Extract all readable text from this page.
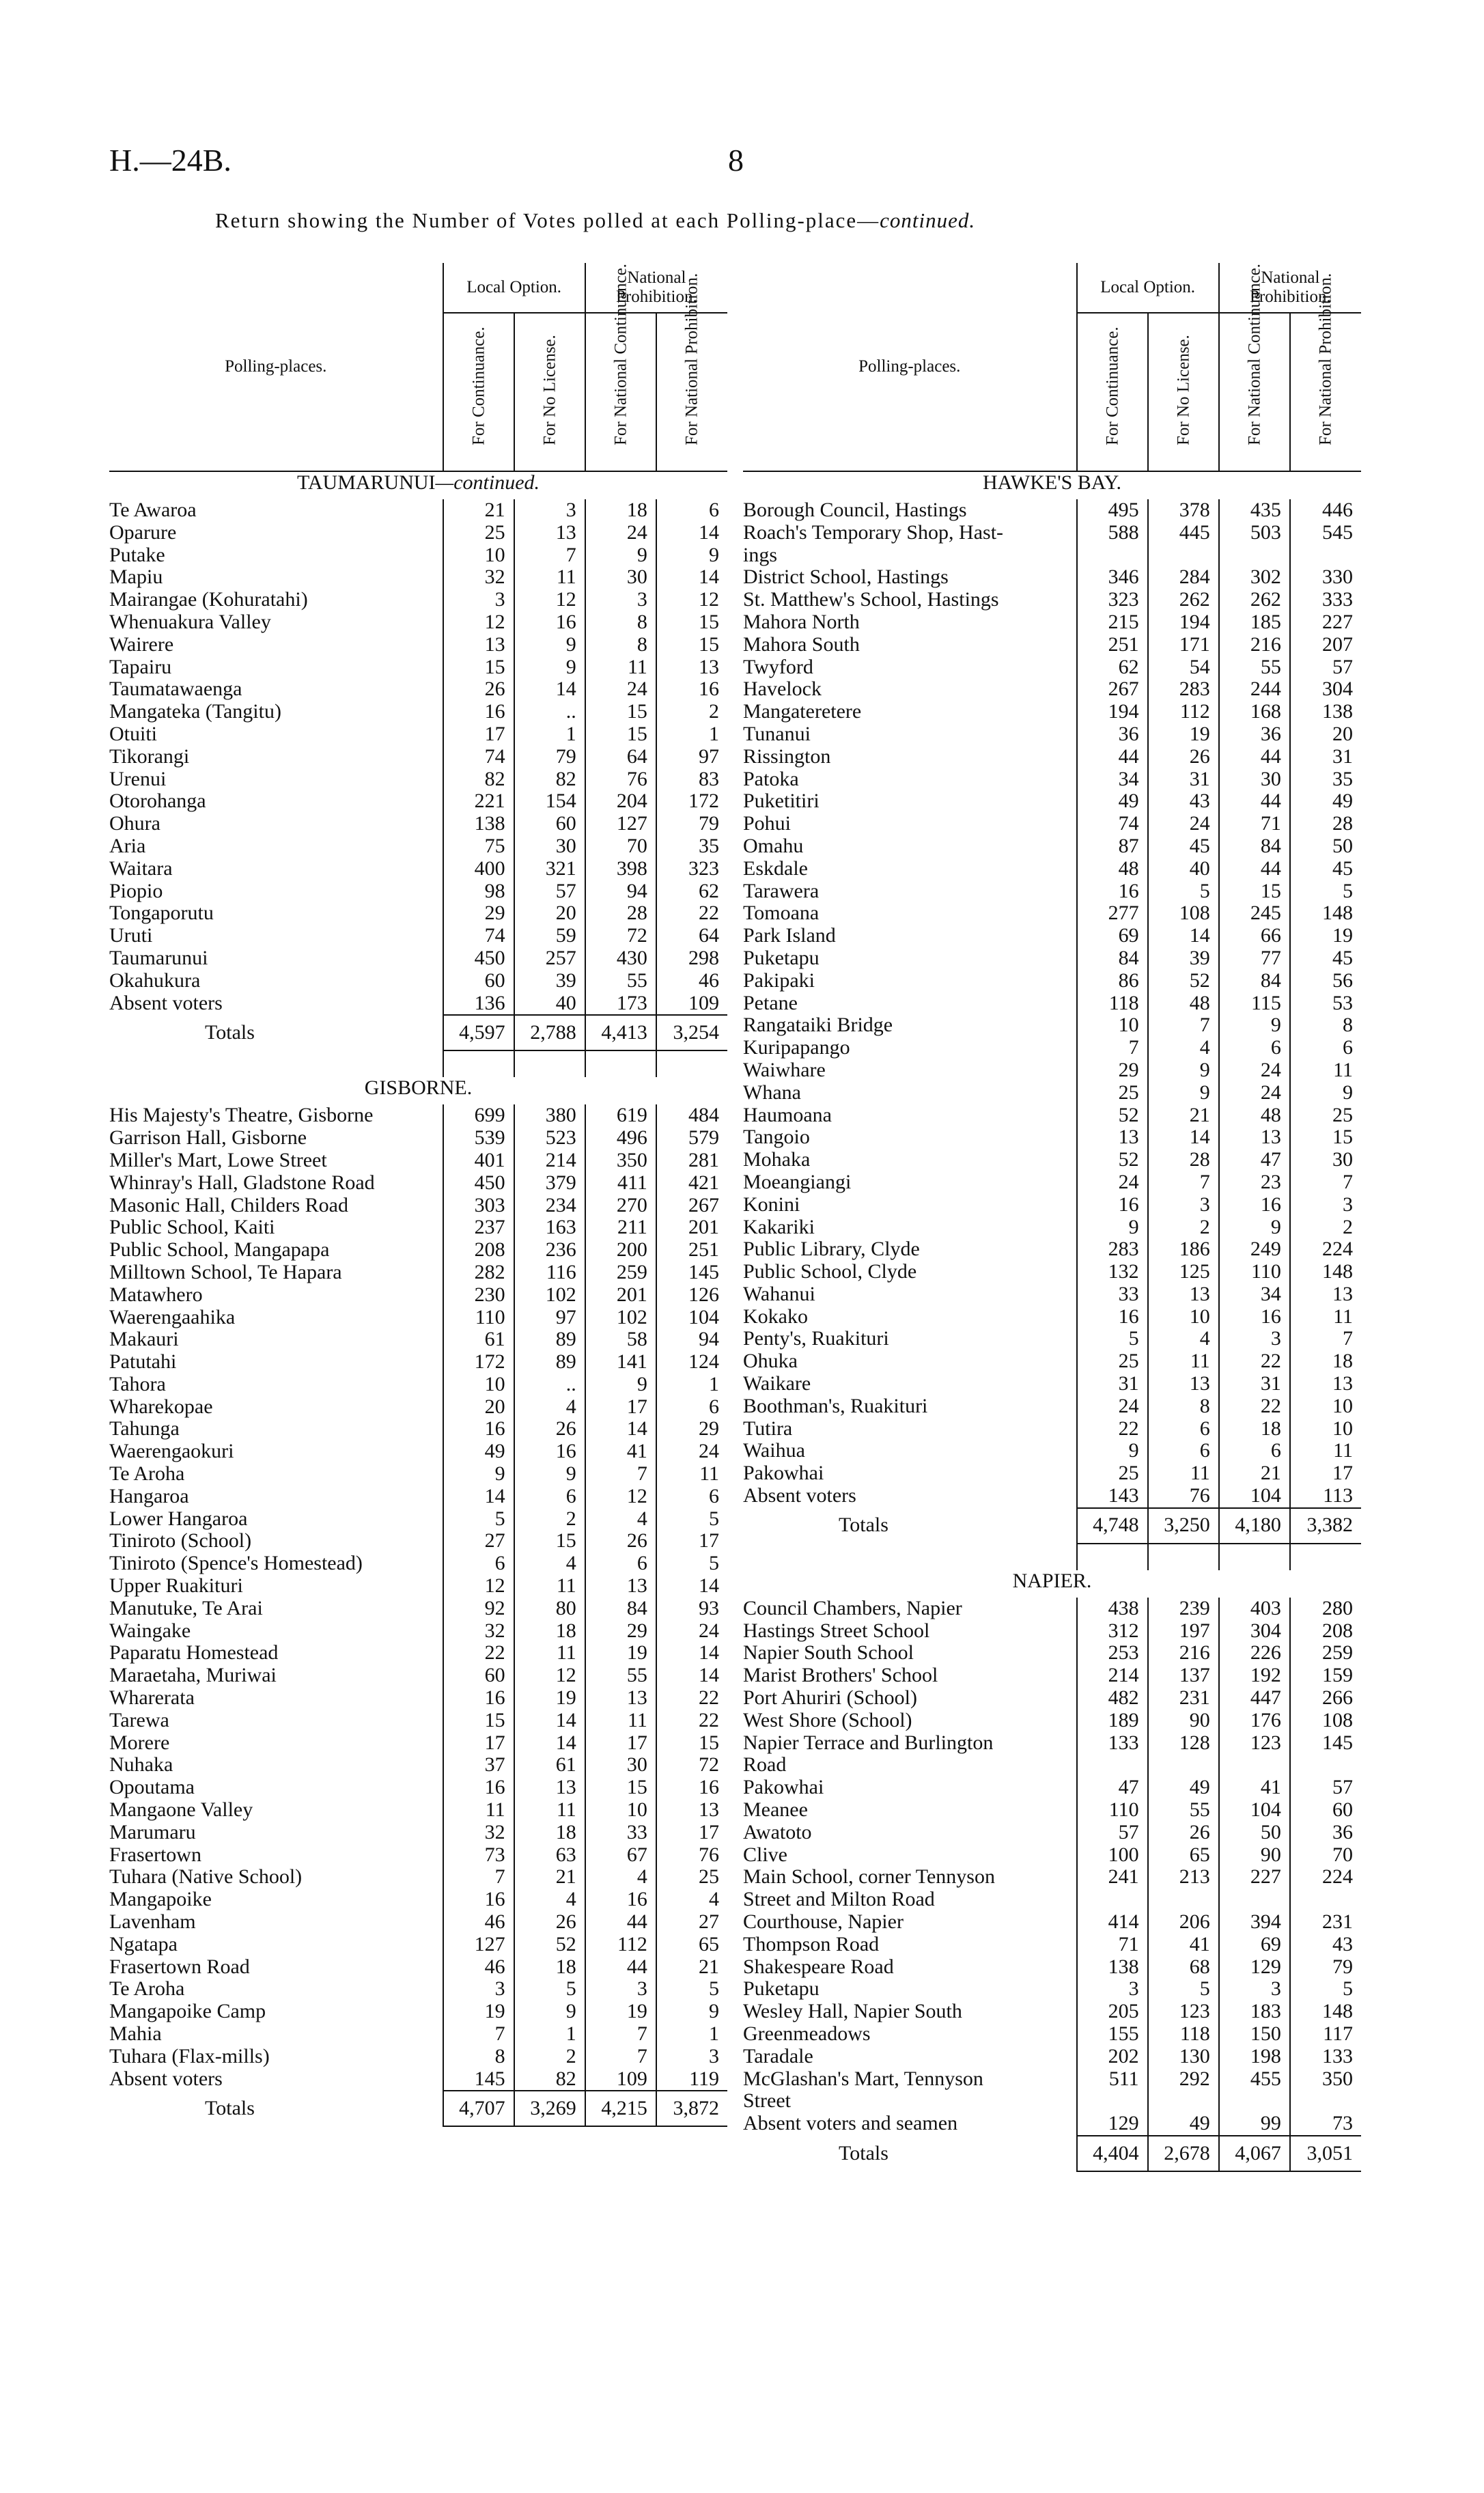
H.—24B.	8
Return showing the Number of Votes polled at each Polling-place—continued.
Polling-places.	Local Option.		National Prohibition.	

	For Continuance.	For No License.	For National Continuance.	For National Prohibition.

TAUMARUNUI—continued.				
Te Awaroa	21	3	18	6
Oparure	25	13	24	14
Putake	10	7	9	9
Mapiu	32	11	30	14
Mairangae (Kohuratahi)	3	12	3	12
Whenuakura Valley	12	16	8	15
Wairere	13	9	8	15
Tapairu	15	9	11	13
Taumatawaenga	26	14	24	16
Mangateka (Tangitu)	16	..	15	2
Otuiti	17	1	15	1
Tikorangi	74	79	64	97
Urenui	82	82	76	83
Otorohanga	221	154	204	172
Ohura	138	60	127	79
Aria	75	30	70	35
Waitara	400	321	398	323
Piopio	98	57	94	62
Tongaporutu	29	20	28	22
Uruti	74	59	72	64
Taumarunui	450	257	430	298
Okahukura	60	39	55	46
Absent voters	136	40	173	109
Totals	4,597	2,788	4,413	3,254

GISBORNE.				
His Majesty's Theatre, Gisborne	699	380	619	484
Garrison Hall, Gisborne	539	523	496	579
Miller's Mart, Lowe Street	401	214	350	281
Whinray's Hall, Gladstone Road	450	379	411	421
Masonic Hall, Childers Road	303	234	270	267
Public School, Kaiti	237	163	211	201
Public School, Mangapapa	208	236	200	251
Milltown School, Te Hapara	282	116	259	145
Matawhero	230	102	201	126
Waerengaahika	110	97	102	104
Makauri	61	89	58	94
Patutahi	172	89	141	124
Tahora	10	..	9	1
Wharekopae	20	4	17	6
Tahunga	16	26	14	29
Waerengaokuri	49	16	41	24
Te Aroha	9	9	7	11
Hangaroa	14	6	12	6
Lower Hangaroa	5	2	4	5
Tiniroto (School)	27	15	26	17
Tiniroto (Spence's Homestead)	6	4	6	5
Upper Ruakituri	12	11	13	14
Manutuke, Te Arai	92	80	84	93
Waingake	32	18	29	24
Paparatu Homestead	22	11	19	14
Maraetaha, Muriwai	60	12	55	14
Wharerata	16	19	13	22
Tarewa	15	14	11	22
Morere	17	14	17	15
Nuhaka	37	61	30	72
Opoutama	16	13	15	16
Mangaone Valley	11	11	10	13
Marumaru	32	18	33	17
Frasertown	73	63	67	76
Tuhara (Native School)	7	21	4	25
Mangapoike	16	4	16	4
Lavenham	46	26	44	27
Ngatapa	127	52	112	65
Frasertown Road	46	18	44	21
Te Aroha	3	5	3	5
Mangapoike Camp	19	9	19	9
Mahia	7	1	7	1
Tuhara (Flax-mills)	8	2	7	3
Absent voters	145	82	109	119
Totals	4,707	3,269	4,215	3,872
Polling-places.	Local Option.		National Prohibition.	

	For Continuance.	For No License.	For National Continuance.	For National Prohibition.

HAWKE'S BAY.				
Borough Council, Hastings	495	378	435	446
Roach's Temporary Shop, Hast-	588	445	503	545
ings				
District School, Hastings	346	284	302	330
St. Matthew's School, Hastings	323	262	262	333
Mahora North	215	194	185	227
Mahora South	251	171	216	207
Twyford	62	54	55	57
Havelock	267	283	244	304
Mangateretere	194	112	168	138
Tunanui	36	19	36	20
Rissington	44	26	44	31
Patoka	34	31	30	35
Puketitiri	49	43	44	49
Pohui	74	24	71	28
Omahu	87	45	84	50
Eskdale	48	40	44	45
Tarawera	16	5	15	5
Tomoana	277	108	245	148
Park Island	69	14	66	19
Puketapu	84	39	77	45
Pakipaki	86	52	84	56
Petane	118	48	115	53
Rangataiki Bridge	10	7	9	8
Kuripapango	7	4	6	6
Waiwhare	29	9	24	11
Whana	25	9	24	9
Haumoana	52	21	48	25
Tangoio	13	14	13	15
Mohaka	52	28	47	30
Moeangiangi	24	7	23	7
Konini	16	3	16	3
Kakariki	9	2	9	2
Public Library, Clyde	283	186	249	224
Public School, Clyde	132	125	110	148
Wahanui	33	13	34	13
Kokako	16	10	16	11
Penty's, Ruakituri	5	4	3	7
Ohuka	25	11	22	18
Waikare	31	13	31	13
Boothman's, Ruakituri	24	8	22	10
Tutira	22	6	18	10
Waihua	9	6	6	11
Pakowhai	25	11	21	17
Absent voters	143	76	104	113
Totals	4,748	3,250	4,180	3,382

NAPIER.				
Council Chambers, Napier	438	239	403	280
Hastings Street School	312	197	304	208
Napier South School	253	216	226	259
Marist Brothers' School	214	137	192	159
Port Ahuriri (School)	482	231	447	266
West Shore (School)	189	90	176	108
Napier Terrace and Burlington	133	128	123	145
Road				
Pakowhai	47	49	41	57
Meanee	110	55	104	60
Awatoto	57	26	50	36
Clive	100	65	90	70
Main School, corner Tennyson	241	213	227	224
Street and Milton Road				
Courthouse, Napier	414	206	394	231
Thompson Road	71	41	69	43
Shakespeare Road	138	68	129	79
Puketapu	3	5	3	5
Wesley Hall, Napier South	205	123	183	148
Greenmeadows	155	118	150	117
Taradale	202	130	198	133
McGlashan's Mart, Tennyson	511	292	455	350
Street				
Absent voters and seamen	129	49	99	73
Totals	4,404	2,678	4,067	3,051
